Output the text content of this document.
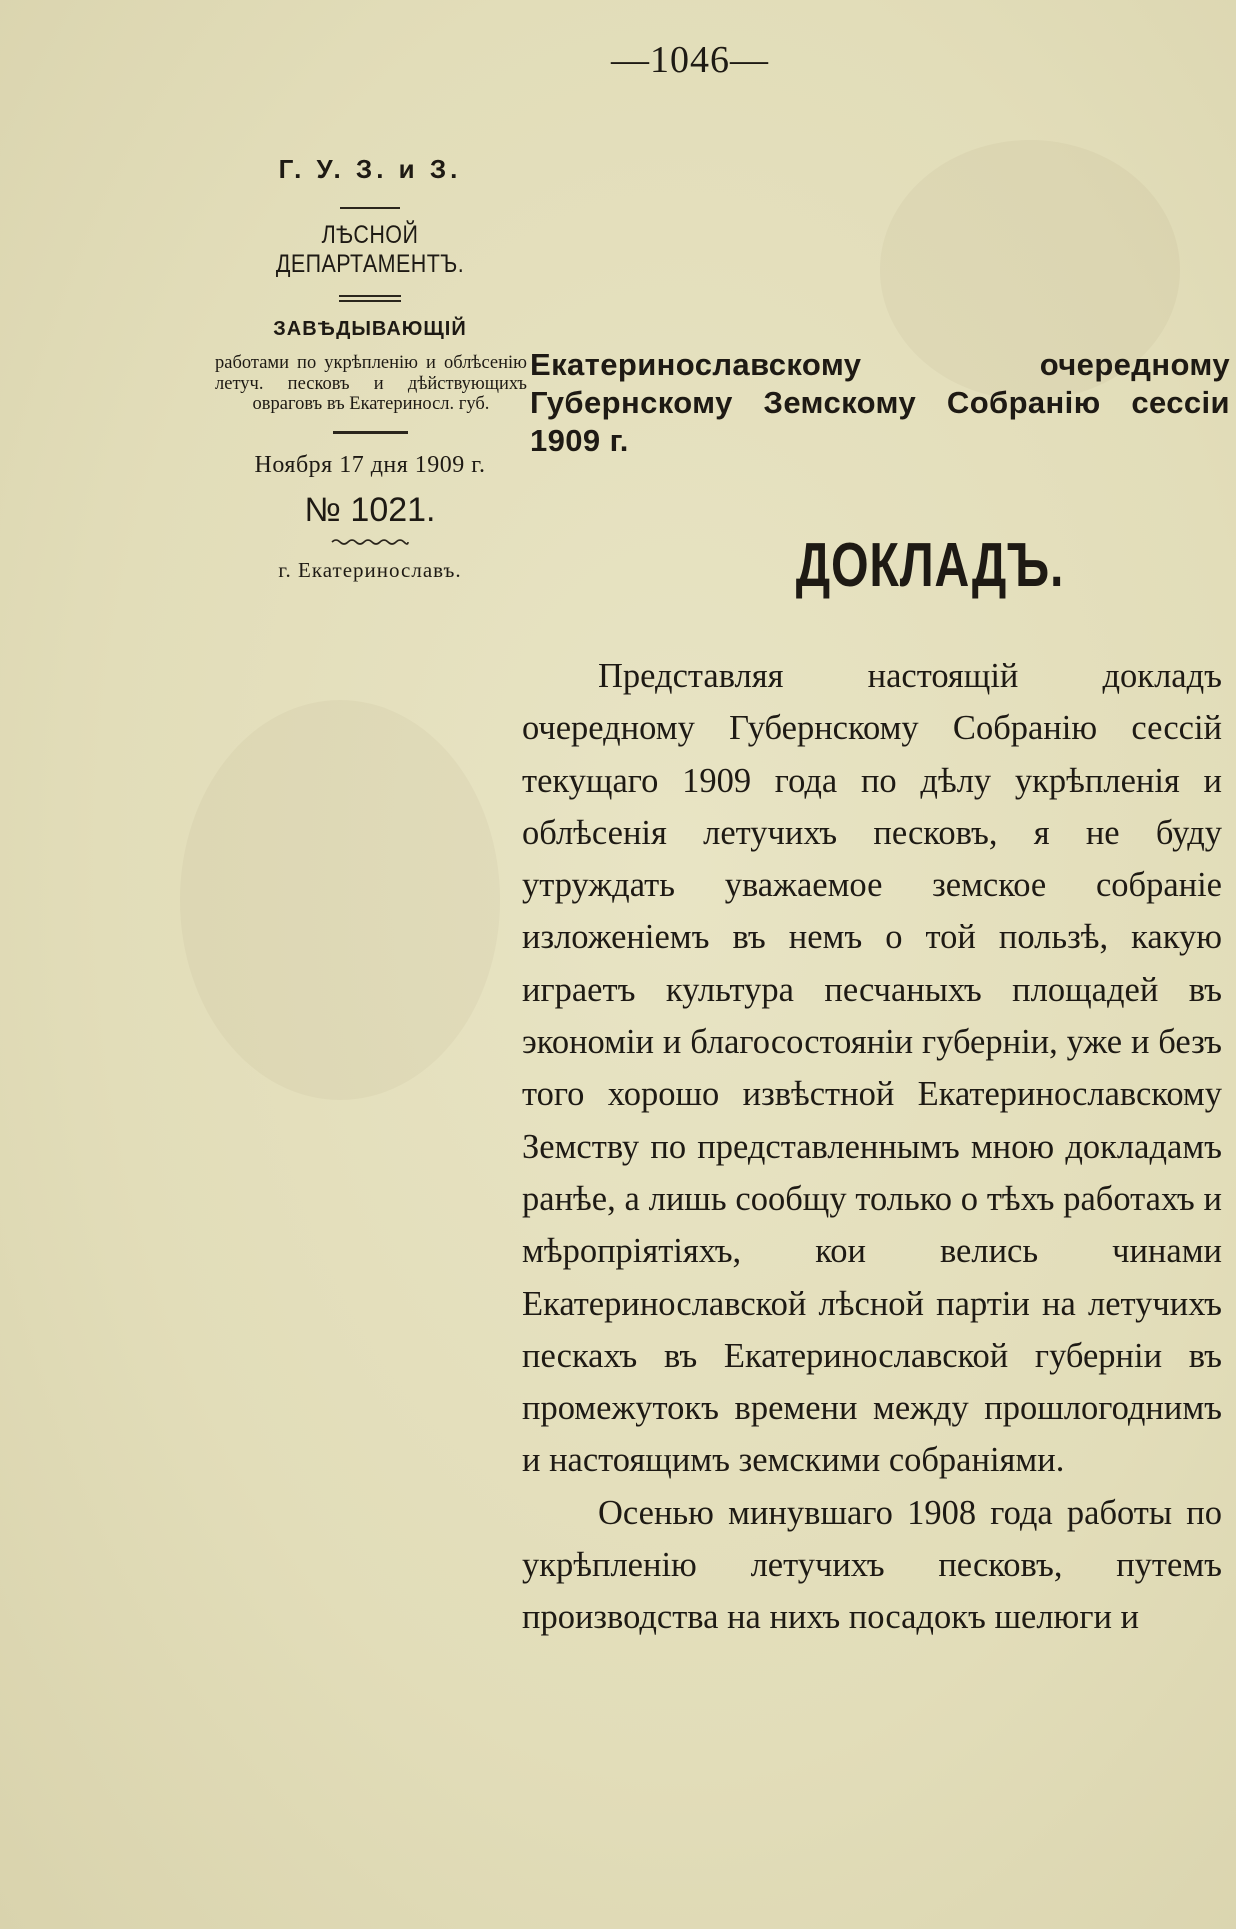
—1046—
Г. У. З. и З.
ЛѢСНОЙ ДЕПАРТАМЕНТЪ.
ЗАВѢДЫВАЮЩІЙ
работами по укрѣпленію и облѣсенію летуч. песковъ и дѣйствующихъ овраговъ въ Екатериносл. губ.
Ноября 17 дня 1909 г.
№ 1021.
г. Екатеринославъ.
Екатеринославскому очередному Губернскому Земскому Собранію сессіи 1909 г.
ДОКЛАДЪ.

Представляя настоящій докладъ очередному Губернскому Собранію сессій текущаго 1909 года по дѣлу укрѣпленія и облѣсенія летучихъ песковъ, я не буду утруждать уважаемое земское собраніе изложеніемъ въ немъ о той пользѣ, какую играетъ культура песчаныхъ площадей въ экономіи и благосостояніи губерніи, уже и безъ того хорошо извѣстной Екатеринославскому Земству по представленнымъ мною докладамъ ранѣе, а лишь сообщу только о тѣхъ работахъ и мѣропріятіяхъ, кои велись чинами Екатеринославской лѣсной партіи на летучихъ пескахъ въ Екатеринославской губерніи въ промежутокъ времени между прошлогоднимъ и настоящимъ земскими собраніями.

Осенью минувшаго 1908 года работы по укрѣпленію летучихъ песковъ, путемъ производства на нихъ посадокъ шелюги и
